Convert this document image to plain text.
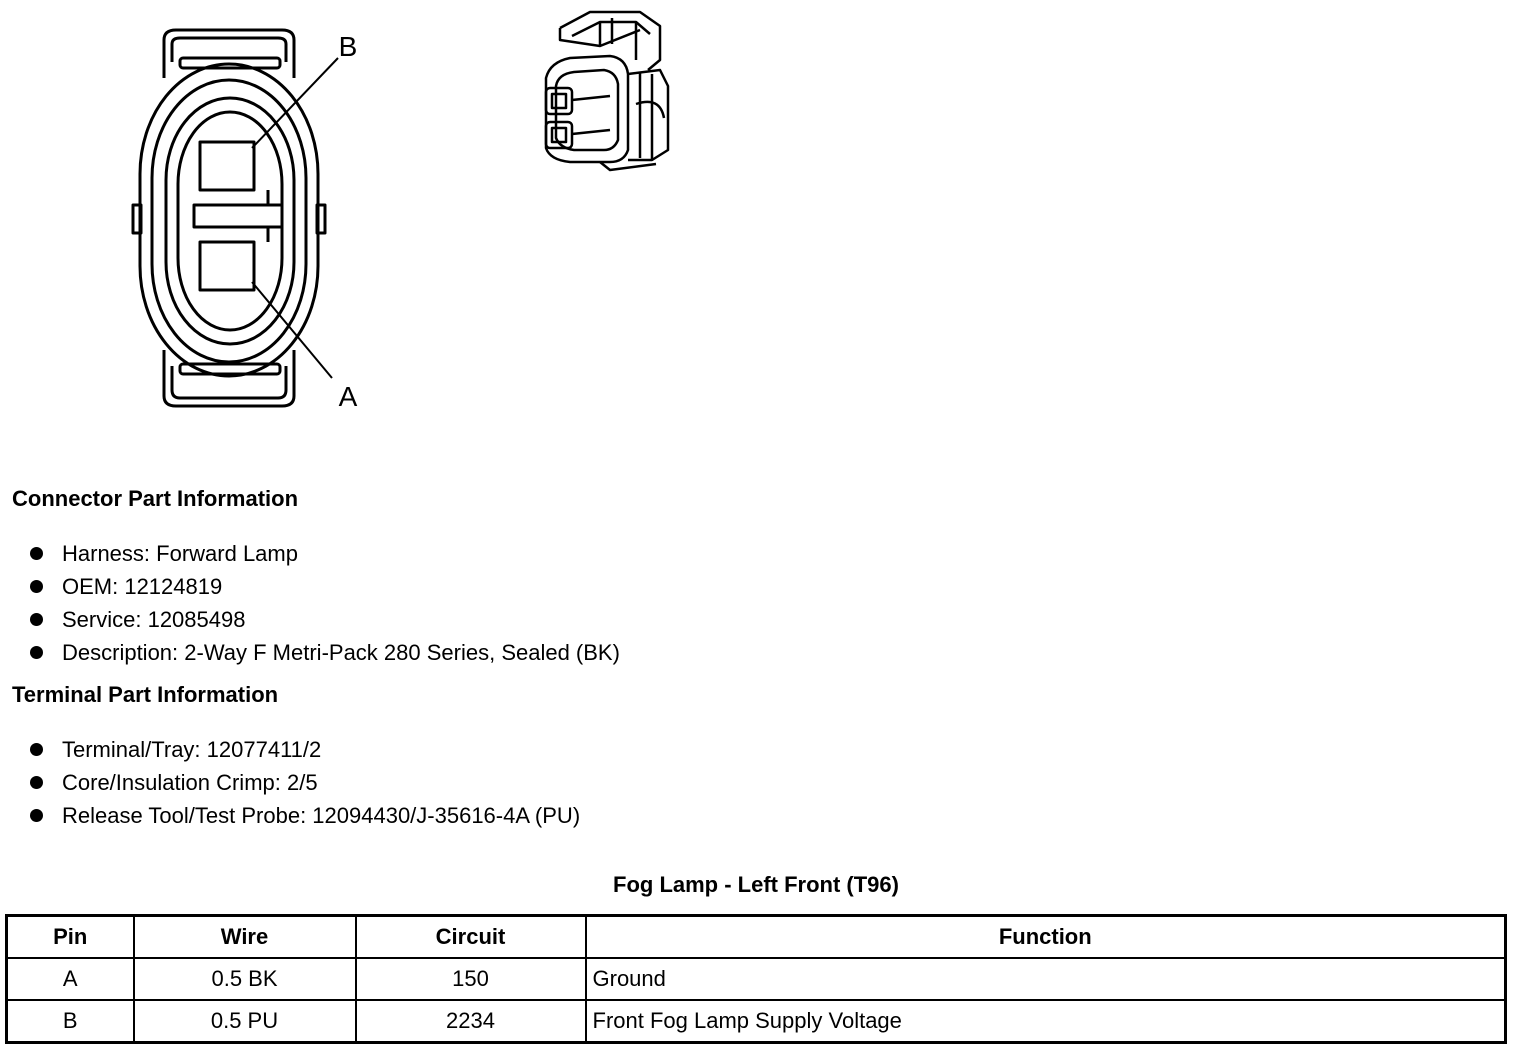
B
A
Connector Part Information
Harness: Forward Lamp
OEM: 12124819
Service: 12085498
Description: 2-Way F Metri-Pack 280 Series, Sealed (BK)
Terminal Part Information
Terminal/Tray: 12077411/2
Core/Insulation Crimp: 2/5
Release Tool/Test Probe: 12094430/J-35616-4A (PU)
Fog Lamp - Left Front (T96)
Pin	Wire	Circuit	Function
A	0.5 BK	150	Ground
B	0.5 PU	2234	Front Fog Lamp Supply Voltage
